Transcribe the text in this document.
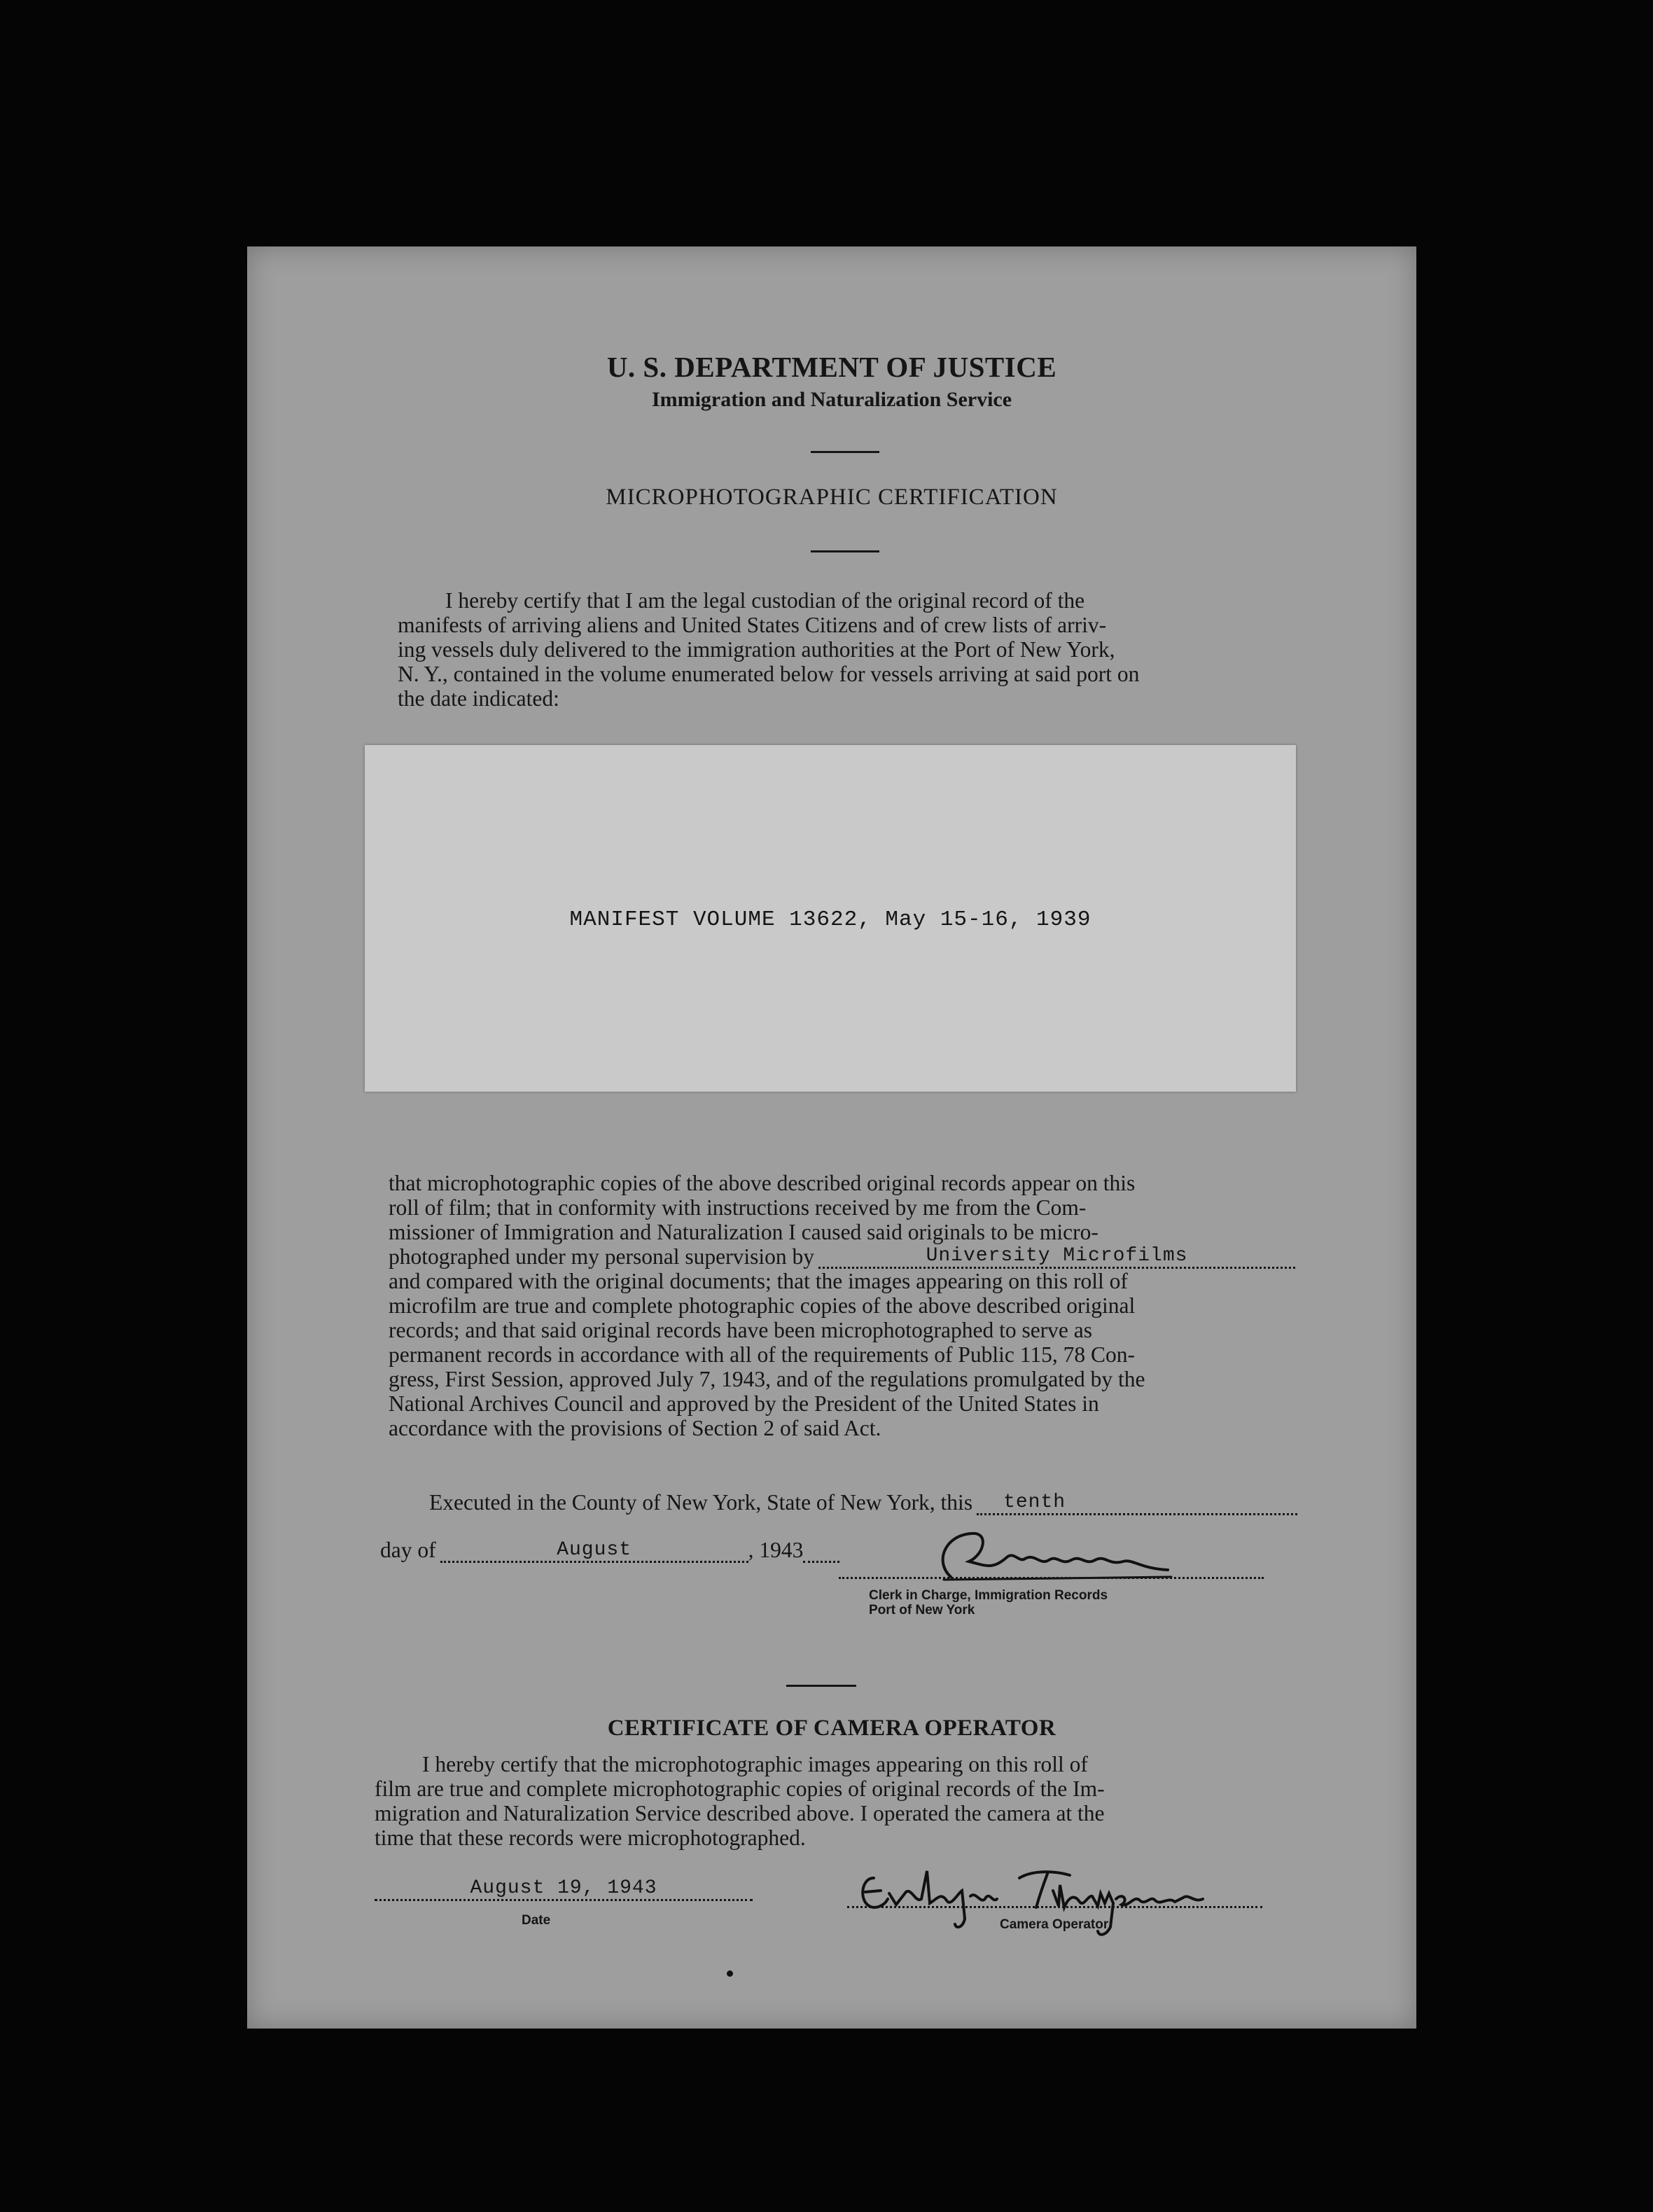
U. S. DEPARTMENT OF JUSTICE
Immigration and Naturalization Service
MICROPHOTOGRAPHIC CERTIFICATION

I hereby certify that I am the legal custodian of the original record of the

manifests of arriving aliens and United States Citizens and of crew lists of arriv-

ing vessels duly delivered to the immigration authorities at the Port of New York,

N. Y., contained in the volume enumerated below for vessels arriving at said port on

the date indicated:

MANIFEST VOLUME 13622, May 15-16, 1939

that microphotographic copies of the above described original records appear on this

roll of film; that in conformity with instructions received by me from the Com-

missioner of Immigration and Naturalization I caused said originals to be micro-

photographed under my personal supervision by	University Microfilms

and compared with the original documents; that the images appearing on this roll of

microfilm are true and complete photographic copies of the above described original

records; and that said original records have been microphotographed to serve as

permanent records in accordance with all of the requirements of Public 115, 78 Con-

gress, First Session, approved July 7, 1943, and of the regulations promulgated by the

National Archives Council and approved by the President of the United States in

accordance with the provisions of Section 2 of said Act.

Executed in the County of New York, State of New York, this	tenth
day of	August	, 1943
Clerk in Charge, Immigration Records
Port of New York
CERTIFICATE OF CAMERA OPERATOR

I hereby certify that the microphotographic images appearing on this roll of

film are true and complete microphotographic copies of original records of the Im-

migration and Naturalization Service described above. I operated the camera at the

time that these records were microphotographed.

August 19, 1943
Date	Camera Operator
